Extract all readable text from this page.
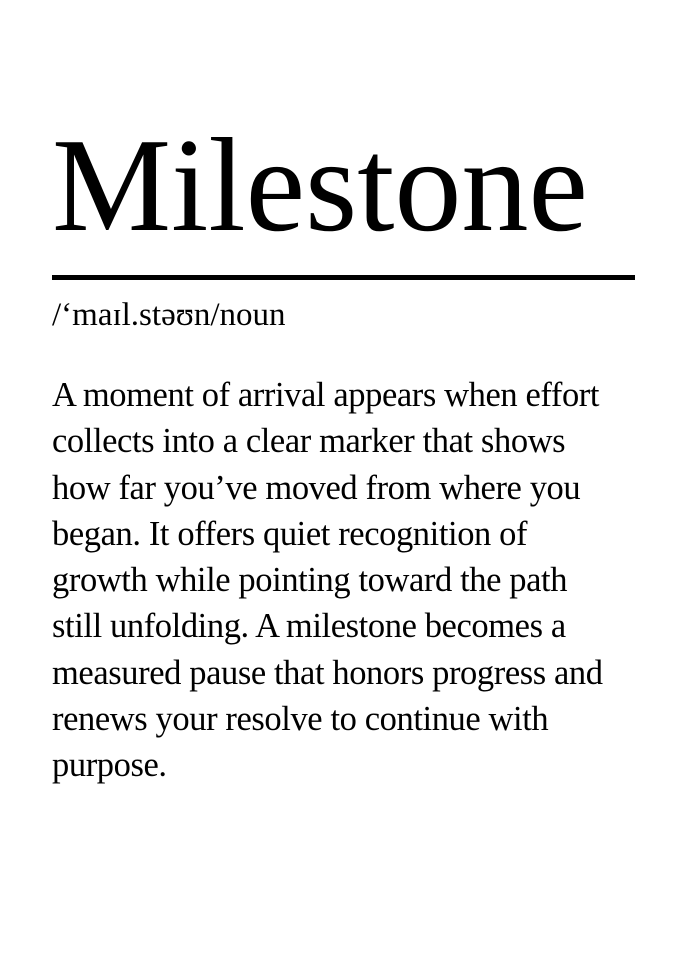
Milestone

/‘maɪl.stəʊn/noun

A moment of arrival appears when effort
collects into a clear marker that shows
how far you’ve moved from where you
began. It offers quiet recognition of
growth while pointing toward the path
still unfolding. A milestone becomes a
measured pause that honors progress and
renews your resolve to continue with
purpose.
